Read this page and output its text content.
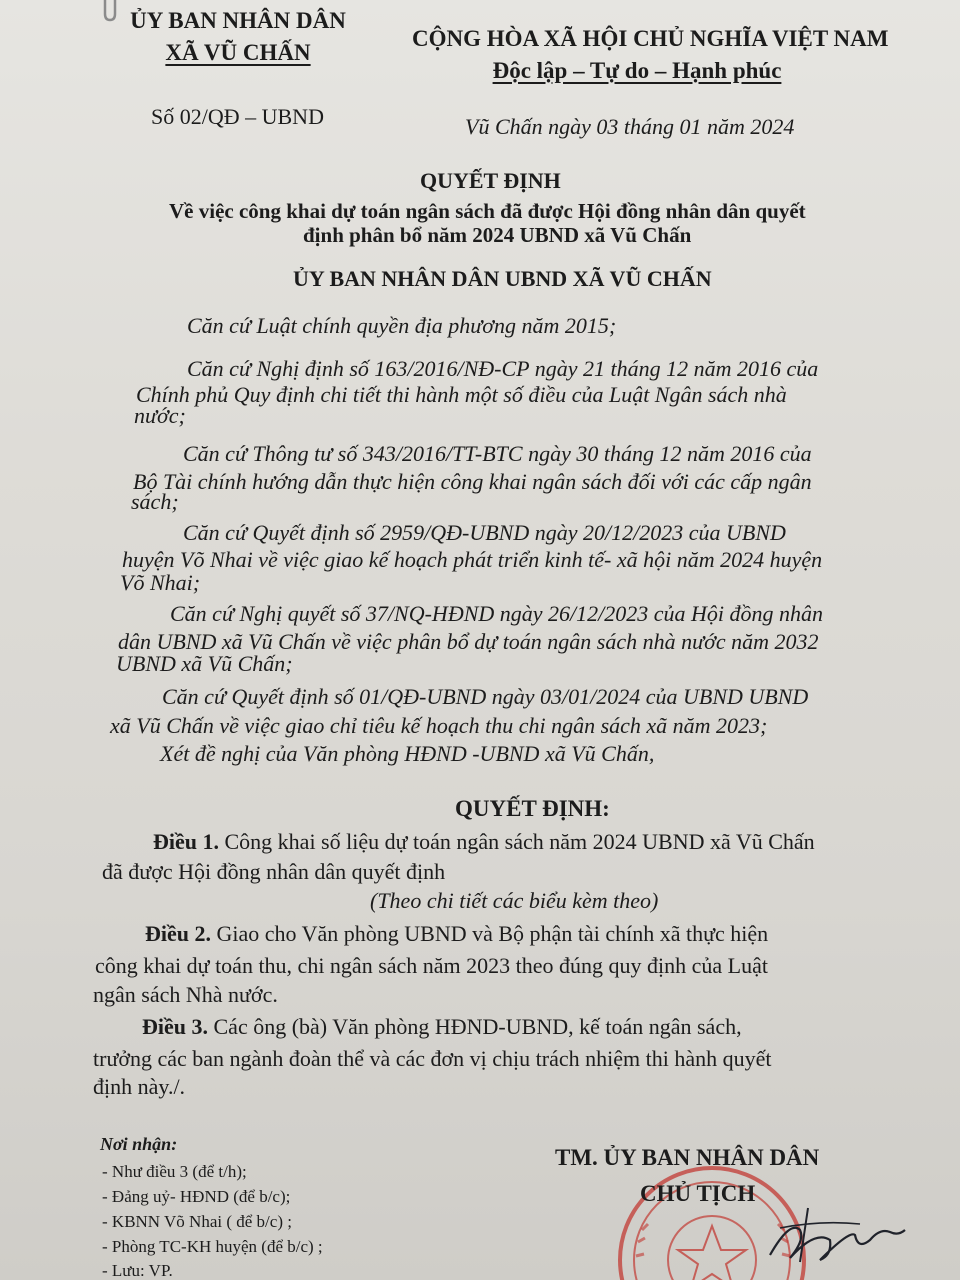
ỦY BAN NHÂN DÂN
XÃ VŨ CHẤN
CỘNG HÒA XÃ HỘI CHỦ NGHĨA VIỆT NAM
Độc lập – Tự do – Hạnh phúc
Số 02/QĐ – UBND	Vũ Chấn ngày 03 tháng 01 năm 2024
QUYẾT ĐỊNH
Về việc công khai dự toán ngân sách đã được Hội đồng nhân dân quyết
định phân bổ năm 2024 UBND xã Vũ Chấn
ỦY BAN NHÂN DÂN UBND XÃ VŨ CHẤN
Căn cứ Luật chính quyền địa phương năm 2015;
Căn cứ Nghị định số 163/2016/NĐ-CP ngày 21 tháng 12 năm 2016 của
Chính phủ Quy định chi tiết thi hành một số điều của Luật Ngân sách nhà
nước;
Căn cứ Thông tư số 343/2016/TT-BTC ngày 30 tháng 12 năm 2016 của
Bộ Tài chính hướng dẫn thực hiện công khai ngân sách đối với các cấp ngân
sách;
Căn cứ Quyết định số 2959/QĐ-UBND ngày 20/12/2023 của UBND
huyện Võ Nhai về việc giao kế hoạch phát triển kinh tế- xã hội năm 2024 huyện
Võ Nhai;
Căn cứ Nghị quyết số 37/NQ-HĐND ngày 26/12/2023 của Hội đồng nhân
dân UBND xã Vũ Chấn về việc phân bổ dự toán ngân sách nhà nước năm 2032
UBND xã Vũ Chấn;
Căn cứ Quyết định số 01/QĐ-UBND ngày 03/01/2024 của UBND UBND
xã Vũ Chấn về việc giao chỉ tiêu kế hoạch thu chi ngân sách xã năm 2023;
Xét đề nghị của Văn phòng HĐND -UBND xã Vũ Chấn,
QUYẾT ĐỊNH:
Điều 1. Công khai số liệu dự toán ngân sách năm 2024 UBND xã Vũ Chấn
đã được Hội đồng nhân dân quyết định
(Theo chi tiết các biểu kèm theo)
Điều 2. Giao cho Văn phòng UBND và Bộ phận tài chính xã thực hiện
công khai dự toán thu, chi ngân sách năm 2023 theo đúng quy định của Luật
ngân sách Nhà nước.
Điều 3. Các ông (bà) Văn phòng HĐND-UBND, kế toán ngân sách,
trưởng các ban ngành đoàn thể và các đơn vị chịu trách nhiệm thi hành quyết
định này./.
Nơi nhận:
- Như điều 3 (để t/h);
- Đảng uỷ- HĐND (để b/c);
- KBNN Võ Nhai ( để b/c) ;
- Phòng TC-KH huyện (để b/c) ;
- Lưu: VP.
TM. ỦY BAN NHÂN DÂN
CHỦ TỊCH
